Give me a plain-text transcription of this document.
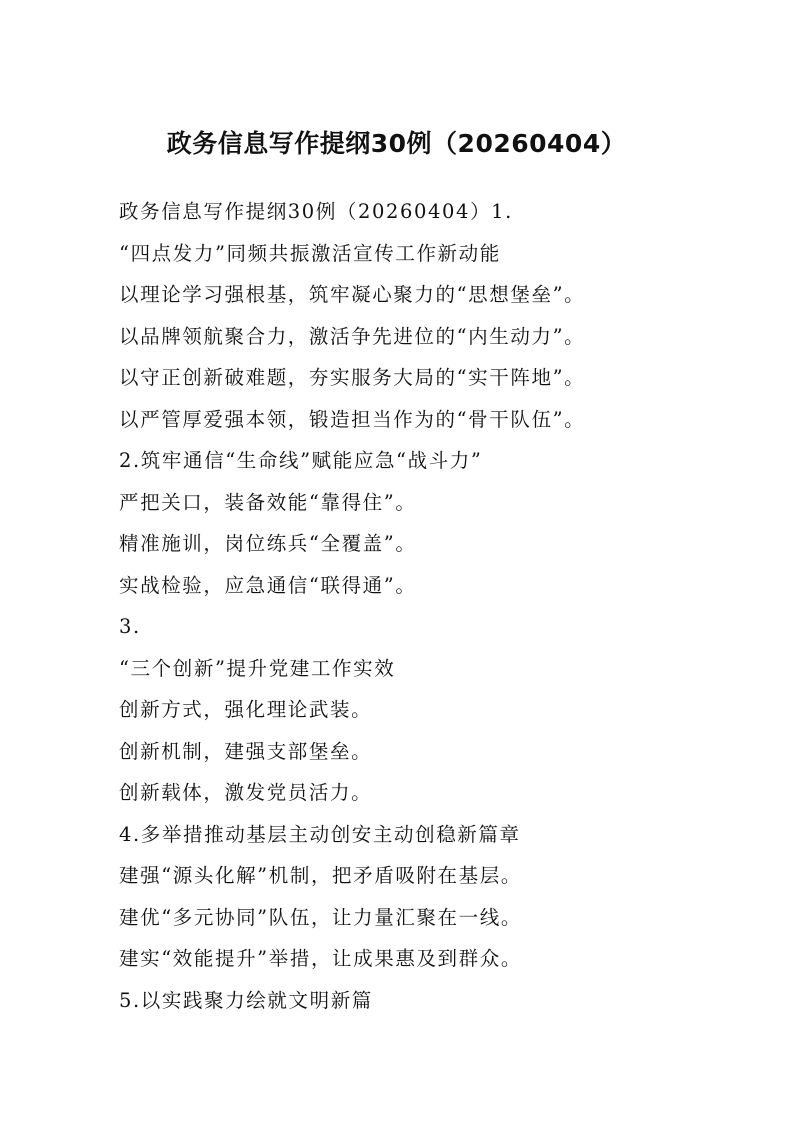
政务信息写作提纲30例（20260404）
政务信息写作提纲30例（20260404）1.
“四点发力”同频共振激活宣传工作新动能
以理论学习强根基，筑牢凝心聚力的“思想堡垒”。
以品牌领航聚合力，激活争先进位的“内生动力”。
以守正创新破难题，夯实服务大局的“实干阵地”。
以严管厚爱强本领，锻造担当作为的“骨干队伍”。
2.筑牢通信“生命线”赋能应急“战斗力”
严把关口，装备效能“靠得住”。
精准施训，岗位练兵“全覆盖”。
实战检验，应急通信“联得通”。
3.
“三个创新”提升党建工作实效
创新方式，强化理论武装。
创新机制，建强支部堡垒。
创新载体，激发党员活力。
4.多举措推动基层主动创安主动创稳新篇章
建强“源头化解”机制，把矛盾吸附在基层。
建优“多元协同”队伍，让力量汇聚在一线。
建实“效能提升”举措，让成果惠及到群众。
5.以实践聚力绘就文明新篇
